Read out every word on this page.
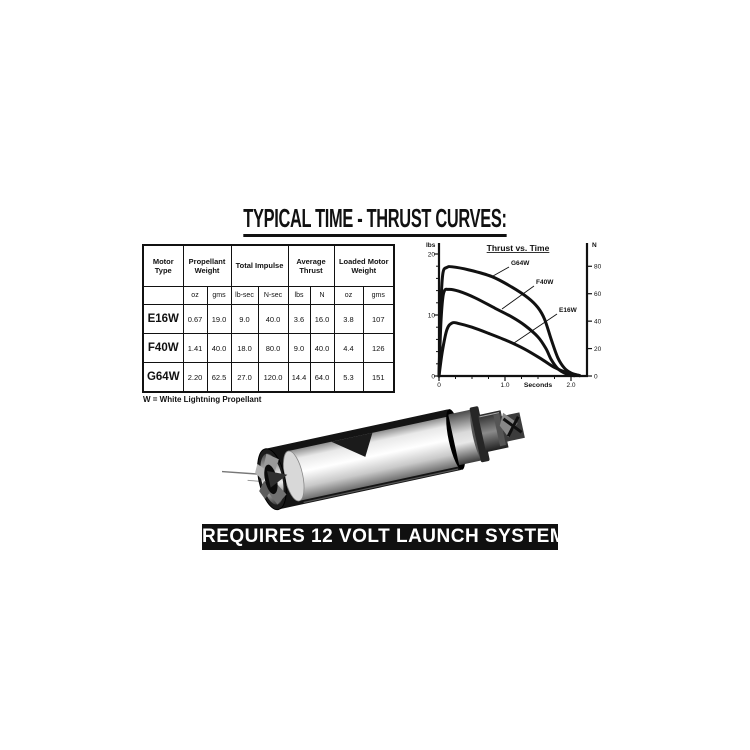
TYPICAL TIME - THRUST CURVES:
Motor Type	Propellant Weight		Total Impulse		Average Thrust		Loaded Motor Weight	
	oz	gms	lb-sec	N-sec	lbs	N	oz	gms
E16W	0.67	19.0	9.0	40.0	3.6	16.0	3.8	107
F40W	1.41	40.0	18.0	80.0	9.0	40.0	4.4	126
G64W	2.20	62.5	27.0	120.0	14.4	64.0	5.3	151
W = White Lightning Propellant
0
10
20
0
20
40
60
80
0	1.0	2.0
lbs	N
Seconds
Thrust vs. Time
G64W
F40W
E16W
REQUIRES 12 VOLT LAUNCH SYSTEM
